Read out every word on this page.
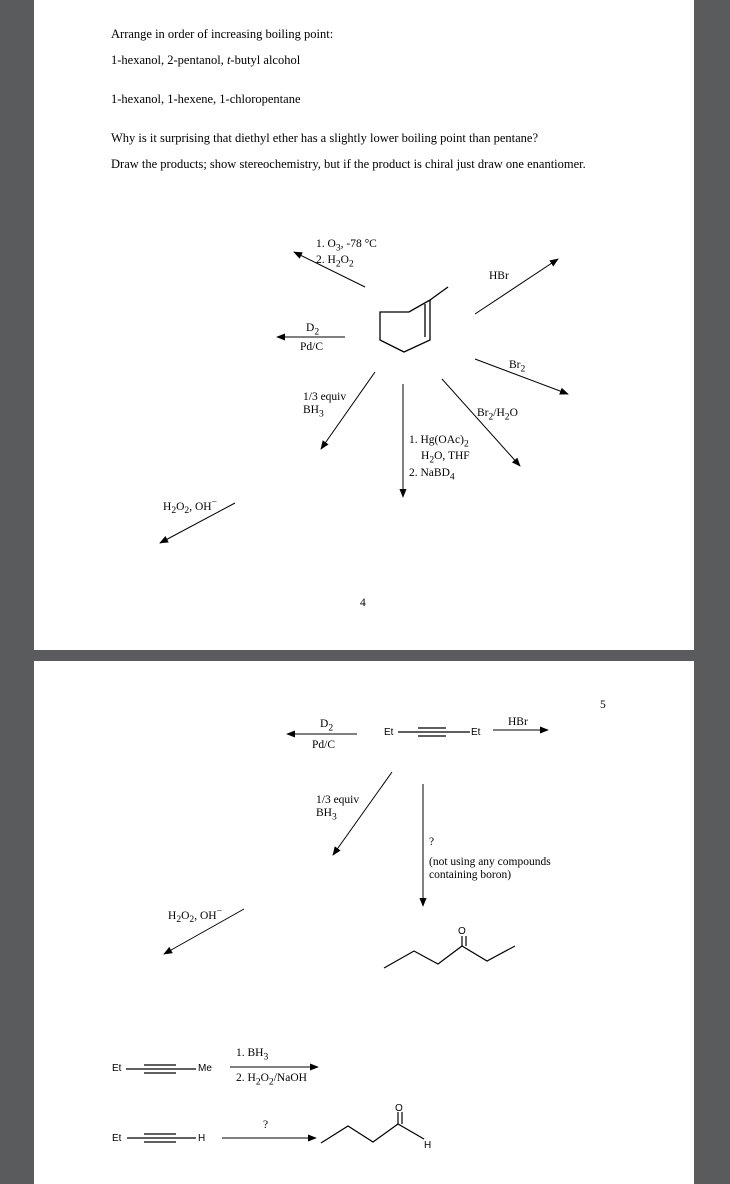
Arrange in order of increasing boiling point:
1-hexanol, 2-pentanol, t-butyl alcohol
1-hexanol, 1-hexene, 1-chloropentane
Why is it surprising that diethyl ether has a slightly lower boiling point than pentane?
Draw the products; show stereochemistry, but if the product is chiral just draw one enantiomer.
1. $O_3$, -78 °C
2. $H_2O_2$
HBr
$D_2$
Pd/C
$Br_2$
1/3 equiv
$BH_3$	$Br_2/H_2O$
1. $Hg(OAc)_2$
$H_2O$, THF
2. NaBD$_4$
$H_2O_2$, OH−
4
5
$D_2$
Pd/C
Et	Et
HBr
1/3 equiv
$BH_3$
?
(not using any compounds
containing boron)
O
$H_2O_2$, OH−
Et	Me
1. $BH_3$
2. $H_2O_2$/NaOH
Et	H
?
O
H
